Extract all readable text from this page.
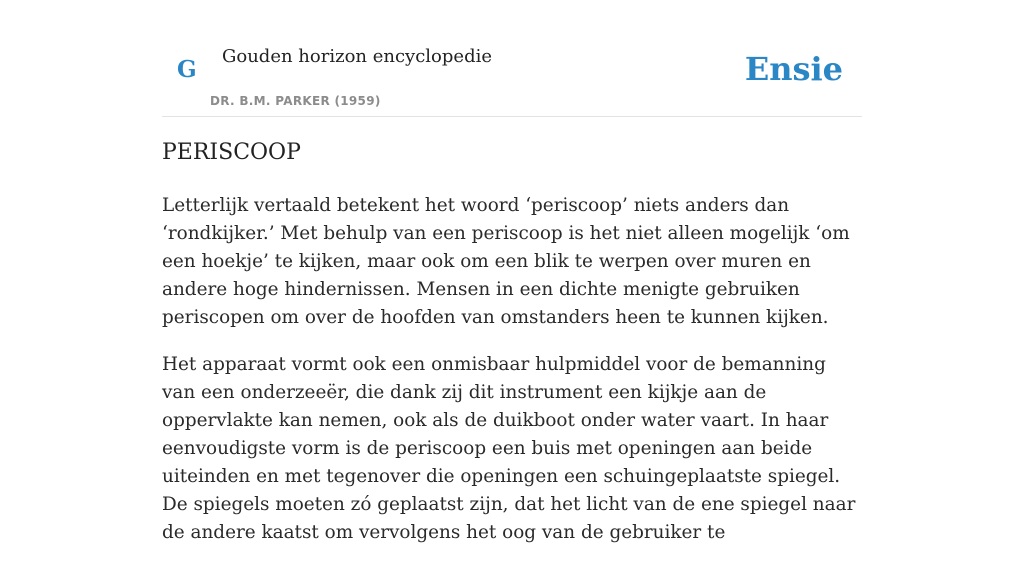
G Gouden horizon encyclopedie
DR. B.M. PARKER (1959)
Ensie
PERISCOOP

Letterlijk vertaald betekent het woord ‘periscoop’ niets anders dan ‘rondkijker.’ Met behulp van een periscoop is het niet alleen mogelijk ‘om een hoekje’ te kijken, maar ook om een blik te werpen over muren en andere hoge hindernissen. Mensen in een dichte menigte gebruiken periscopen om over de hoofden van omstanders heen te kunnen kijken.

Het apparaat vormt ook een onmisbaar hulpmiddel voor de bemanning van een onderzeeër, die dank zij dit instrument een kijkje aan de oppervlakte kan nemen, ook als de duikboot onder water vaart. In haar eenvoudigste vorm is de periscoop een buis met openingen aan beide uiteinden en met tegenover die openingen een schuingeplaatste spiegel. De spiegels moeten zó geplaatst zijn, dat het licht van de ene spiegel naar de andere kaatst om vervolgens het oog van de gebruiker te
